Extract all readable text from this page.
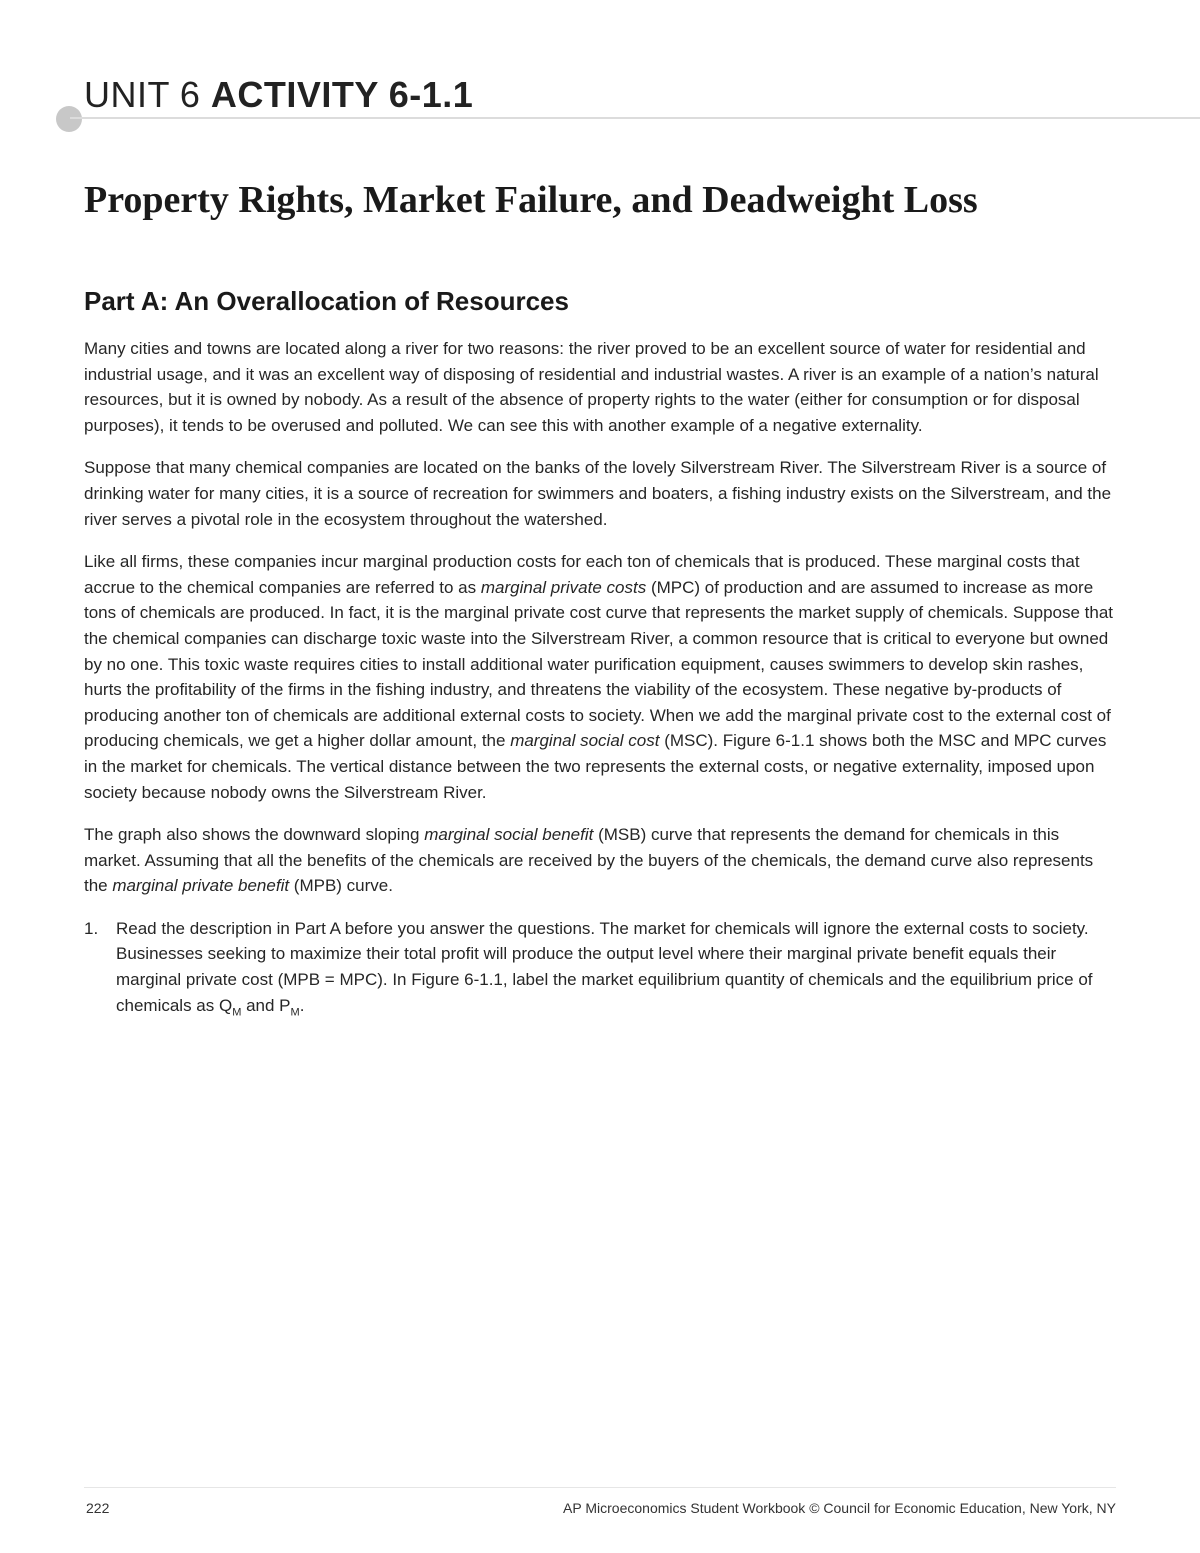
UNIT 6 ACTIVITY 6-1.1
Property Rights, Market Failure, and Deadweight Loss
Part A: An Overallocation of Resources

Many cities and towns are located along a river for two reasons: the river proved to be an excellent source of water for residential and industrial usage, and it was an excellent way of disposing of residential and industrial wastes. A river is an example of a nation’s natural resources, but it is owned by nobody. As a result of the absence of property rights to the water (either for consumption or for disposal purposes), it tends to be overused and polluted. We can see this with another example of a negative externality.

Suppose that many chemical companies are located on the banks of the lovely Silverstream River. The Silverstream River is a source of drinking water for many cities, it is a source of recreation for swimmers and boaters, a fishing industry exists on the Silverstream, and the river serves a pivotal role in the ecosystem throughout the watershed.

Like all firms, these companies incur marginal production costs for each ton of chemicals that is produced. These marginal costs that accrue to the chemical companies are referred to as marginal private costs (MPC) of production and are assumed to increase as more tons of chemicals are produced. In fact, it is the marginal private cost curve that represents the market supply of chemicals. Suppose that the chemical companies can discharge toxic waste into the Silverstream River, a common resource that is critical to everyone but owned by no one. This toxic waste requires cities to install additional water purification equipment, causes swimmers to develop skin rashes, hurts the profitability of the firms in the fishing industry, and threatens the viability of the ecosystem. These negative by-products of producing another ton of chemicals are additional external costs to society. When we add the marginal private cost to the external cost of producing chemicals, we get a higher dollar amount, the marginal social cost (MSC). Figure 6-1.1 shows both the MSC and MPC curves in the market for chemicals. The vertical distance between the two represents the external costs, or negative externality, imposed upon society because nobody owns the Silverstream River.

The graph also shows the downward sloping marginal social benefit (MSB) curve that represents the demand for chemicals in this market. Assuming that all the benefits of the chemicals are received by the buyers of the chemicals, the demand curve also represents the marginal private benefit (MPB) curve.

1.	Read the description in Part A before you answer the questions. The market for chemicals will ignore the external costs to society. Businesses seeking to maximize their total profit will produce the output level where their marginal private benefit equals their marginal private cost (MPB = MPC). In Figure 6-1.1, label the market equilibrium quantity of chemicals and the equilibrium price of chemicals as $Q_M$ and $P_M$.
222	AP Microeconomics Student Workbook © Council for Economic Education, New York, NY
